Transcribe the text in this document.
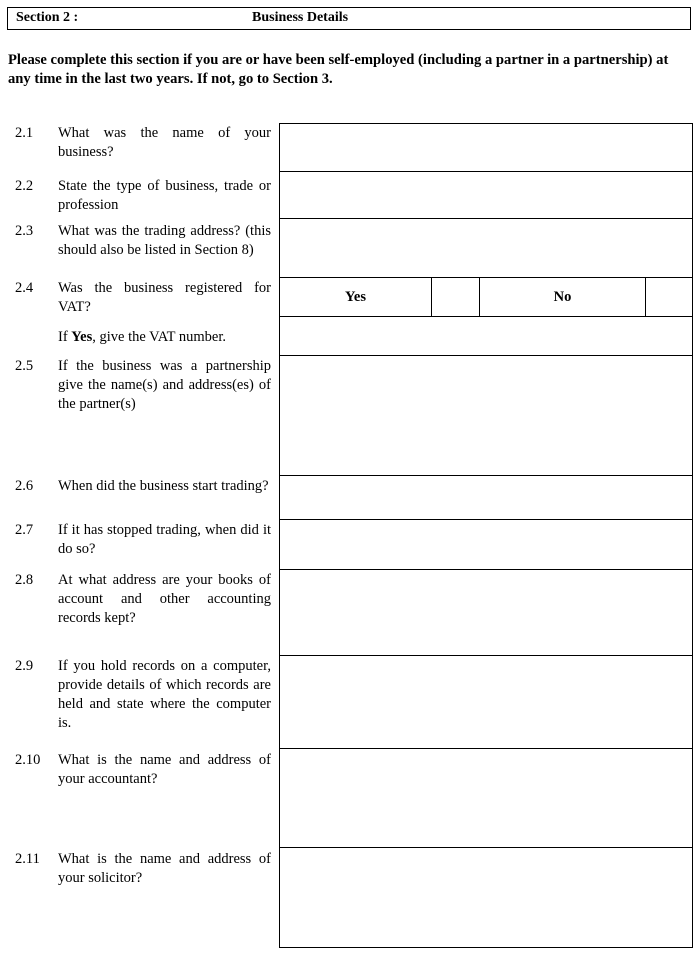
Section 2 :	Business Details
Please complete this section if you are or have been self-employed (including a partner in a partnership) at any time in the last two years. If not, go to Section 3.
2.1
2.2
2.3
2.4
2.5
2.6
2.7
2.8
2.9
2.10
2.11
What was the name of your business?
State the type of business, trade or profession
What was the trading address? (this should also be listed in Section 8)
Was the business registered for VAT?
If Yes, give the VAT number.
If the business was a partnership give the name(s) and address(es) of the partner(s)
When did the business start trading?
If it has stopped trading, when did it do so?
At what address are your books of account and other accounting records kept?
If you hold records on a computer, provide details of which records are held and state where the computer is.
What is the name and address of your accountant?
What is the name and address of your solicitor?
Yes	No
